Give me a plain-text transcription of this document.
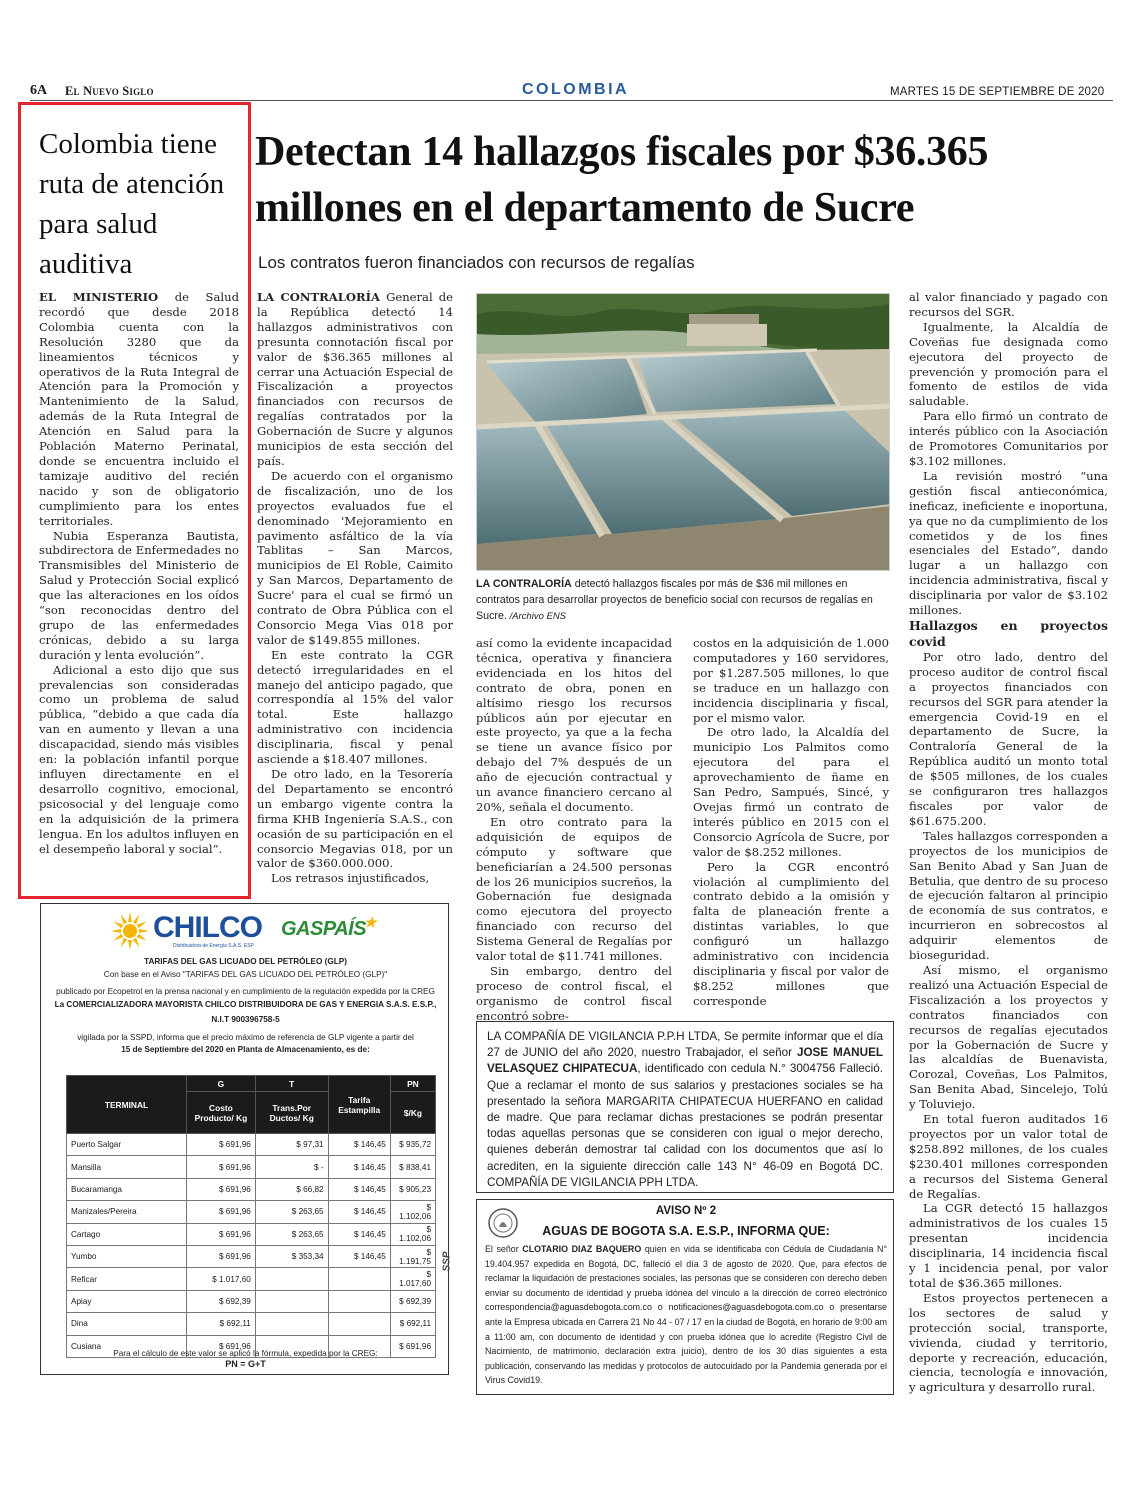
6A El Nuevo Siglo	COLOMBIA	MARTES 15 DE SEPTIEMBRE DE 2020
Colombia tiene ruta de atención para salud auditiva

EL MINISTERIO de Salud recordó que desde 2018 Colombia cuenta con la Resolución 3280 que da lineamientos técnicos y operativos de la Ruta Integral de Atención para la Promoción y Mantenimiento de la Salud, además de la Ruta Integral de Atención en Salud para la Población Materno Perinatal, donde se encuentra incluido el tamizaje auditivo del recién nacido y son de obligatorio cumplimiento para los entes territoriales.

Nubia Esperanza Bautista, subdirectora de Enfermedades no Transmisibles del Ministerio de Salud y Protección Social explicó que las alteraciones en los oídos “son reconocidas dentro del grupo de las enfermedades crónicas, debido a su larga duración y lenta evolución”.

Adicional a esto dijo que sus prevalencias son consideradas como un problema de salud pública, “debido a que cada día van en aumento y llevan a una discapacidad, siendo más visibles en: la población infantil porque influyen directamente en el desarrollo cognitivo, emocional, psicosocial y del lenguaje como en la adquisición de la primera lengua. En los adultos influyen en el desempeño laboral y social”.

Detectan 14 hallazgos fiscales por $36.365 millones en el departamento de Sucre
Los contratos fueron financiados con recursos de regalías

LA CONTRALORÍA General de la República detectó 14 hallazgos administrativos con presunta connotación fiscal por valor de $36.365 millones al cerrar una Actuación Especial de Fiscalización a proyectos financiados con recursos de regalías contratados por la Gobernación de Sucre y algunos municipios de esta sección del país.

De acuerdo con el organismo de fiscalización, uno de los proyectos evaluados fue el denominado 'Mejoramiento en pavimento asfáltico de la vía Tablitas – San Marcos, municipios de El Roble, Caimito y San Marcos, Departamento de Sucre' para el cual se firmó un contrato de Obra Pública con el Consorcio Mega Vias 018 por valor de $149.855 millones.

En este contrato la CGR detectó irregularidades en el manejo del anticipo pagado, que correspondía al 15% del valor total. Este hallazgo administrativo con incidencia disciplinaria, fiscal y penal asciende a $18.407 millones.

De otro lado, en la Tesorería del Departamento se encontró un embargo vigente contra la firma KHB Ingeniería S.A.S., con ocasión de su participación en el consorcio Megavias 018, por un valor de $360.000.000.

Los retrasos injustificados,

LA CONTRALORÍA detectó hallazgos fiscales por más de $36 mil millones en contratos para desarrollar proyectos de beneficio social con recursos de regalías en Sucre. /Archivo ENS

así como la evidente incapacidad técnica, operativa y financiera evidenciada en los hitos del contrato de obra, ponen en altísimo riesgo los recursos públicos aún por ejecutar en este proyecto, ya que a la fecha se tiene un avance físico por debajo del 7% después de un año de ejecución contractual y un avance financiero cercano al 20%, señala el documento.

En otro contrato para la adquisición de equipos de cómputo y software que beneficiarían a 24.500 personas de los 26 municipios sucreños, la Gobernación fue designada como ejecutora del proyecto financiado con recurso del Sistema General de Regalías por valor total de $11.741 millones.

Sin embargo, dentro del proceso de control fiscal, el organismo de control fiscal encontró sobre-

costos en la adquisición de 1.000 computadores y 160 servidores, por $1.287.505 millones, lo que se traduce en un hallazgo con incidencia disciplinaria y fiscal, por el mismo valor.

De otro lado, la Alcaldía del municipio Los Palmitos como ejecutora del para el aprovechamiento de ñame en San Pedro, Sampués, Sincé, y Ovejas firmó un contrato de interés público en 2015 con el Consorcio Agrícola de Sucre, por valor de $8.252 millones.

Pero la CGR encontró violación al cumplimiento del contrato debido a la omisión y falta de planeación frente a distintas variables, lo que configuró un hallazgo administrativo con incidencia disciplinaria y fiscal por valor de $8.252 millones que corresponde

al valor financiado y pagado con recursos del SGR.

Igualmente, la Alcaldía de Coveñas fue designada como ejecutora del proyecto de prevención y promoción para el fomento de estilos de vida saludable.

Para ello firmó un contrato de interés público con la Asociación de Promotores Comunitarios por $3.102 millones.

La revisión mostró “una gestión fiscal antieconómica, ineficaz, ineficiente e inoportuna, ya que no da cumplimiento de los cometidos y de los fines esenciales del Estado”, dando lugar a un hallazgo con incidencia administrativa, fiscal y disciplinaria por valor de $3.102 millones.

Hallazgos en proyectos covid

Por otro lado, dentro del proceso auditor de control fiscal a proyectos financiados con recursos del SGR para atender la emergencia Covid-19 en el departamento de Sucre, la Contraloría General de la República auditó un monto total de $505 millones, de los cuales se configuraron tres hallazgos fiscales por valor de $61.675.200.

Tales hallazgos corresponden a proyectos de los municipios de San Benito Abad y San Juan de Betulia, que dentro de su proceso de ejecución faltaron al principio de economía de sus contratos, e incurrieron en sobrecostos al adquirir elementos de bioseguridad.

Así mismo, el organismo realizó una Actuación Especial de Fiscalización a los proyectos y contratos financiados con recursos de regalías ejecutados por la Gobernación de Sucre y las alcaldías de Buenavista, Corozal, Coveñas, Los Palmitos, San Benita Abad, Sincelejo, Tolú y Toluviejo.

En total fueron auditados 16 proyectos por un valor total de $258.892 millones, de los cuales $230.401 millones corresponden a recursos del Sistema General de Regalías.

La CGR detectó 15 hallazgos administrativos de los cuales 15 presentan incidencia disciplinaria, 14 incidencia fiscal y 1 incidencia penal, por valor total de $36.365 millones.

Estos proyectos pertenecen a los sectores de salud y protección social, transporte, vivienda, ciudad y territorio, deporte y recreación, educación, ciencia, tecnología e innovación, y agricultura y desarrollo rural.

CHILCO
Distribuidora de Energía S.A.S. ESP
GASPAÍS★
TARIFAS DEL GAS LICUADO DEL PETRÓLEO (GLP)
Con base en el Aviso "TARIFAS DEL GAS LICUADO DEL PETRÓLEO (GLP)"
publicado por Ecopetrol en la prensa nacional y en cumplimiento de la regulación expedida por la CREG
La COMERCIALIZADORA MAYORISTA CHILCO DISTRIBUIDORA DE GAS Y ENERGIA S.A.S. E.S.P.,
N.I.T 900396758-5
vigilada por la SSPD, informa que el precio máximo de referencia de GLP vigente a partir del
15 de Septiembre del 2020 en Planta de Almacenamiento, es de:
TERMINAL	G	T	Tarifa Estampilla	PN
	Costo Producto/ Kg	Trans.Por Ductos/ Kg		$/Kg
Puerto Salgar	$ 691,96	$ 97,31	$ 146,45	$ 935,72
Mansilla	$ 691,96	$ -	$ 146,45	$ 838,41
Bucaramanga	$ 691,96	$ 66,82	$ 146,45	$ 905,23
Manizales/Pereira	$ 691,96	$ 263,65	$ 146,45	$ 1.102,06
Cartago	$ 691,96	$ 263,65	$ 146,45	$ 1.102,06
Yumbo	$ 691,96	$ 353,34	$ 146,45	$ 1.191,75
Reficar	$ 1.017,60			$ 1.017,60
Apiay	$ 692,39			$ 692,39
Dina	$ 692,11			$ 692,11
Cusiana	$ 691,96			$ 691,96
SSP
Para el cálculo de este valor se aplicó la fórmula, expedida por la CREG:
PN = G+T
LA COMPAÑÍA DE VIGILANCIA P.P.H LTDA, Se permite informar que el día 27 de JUNIO del año 2020, nuestro Trabajador, el señor JOSE MANUEL VELASQUEZ CHIPATECUA, identificado con cedula N.° 3004756 Falleció. Que a reclamar el monto de sus salarios y prestaciones sociales se ha presentado la señora MARGARITA CHIPATECUA HUERFANO en calidad de madre. Que para reclamar dichas prestaciones se podrán presentar todas aquellas personas que se consideren con igual o mejor derecho, quienes deberán demostrar tal calidad con los documentos que así lo acrediten, en la siguiente dirección calle 143 N° 46-09 en Bogotá DC. COMPAÑÍA DE VIGILANCIA PPH LTDA.
AVISO Nº 2
AGUAS DE BOGOTA S.A. E.S.P., INFORMA QUE:
El señor CLOTARIO DIAZ BAQUERO quien en vida se identificaba con Cédula de Ciudadanía N° 19.404.957 expedida en Bogotá, DC, falleció el día 3 de agosto de 2020. Que, para efectos de reclamar la liquidación de prestaciones sociales, las personas que se consideren con derecho deben enviar su documento de identidad y prueba idónea del vínculo a la dirección de correo electrónico correspondencia@aguasdebogota.com.co o notificaciones@aguasdebogota.com.co o presentarse ante la Empresa ubicada en Carrera 21 No 44 - 07 / 17 en la ciudad de Bogotá, en horario de 9:00 am a 11:00 am, con documento de identidad y con prueba idónea que lo acredite (Registro Civil de Nacimiento, de matrimonio, declaración extra juicio), dentro de los 30 días siguientes a esta publicación, conservando las medidas y protocolos de autocuidado por la Pandemia generada por el Virus Covid19.
